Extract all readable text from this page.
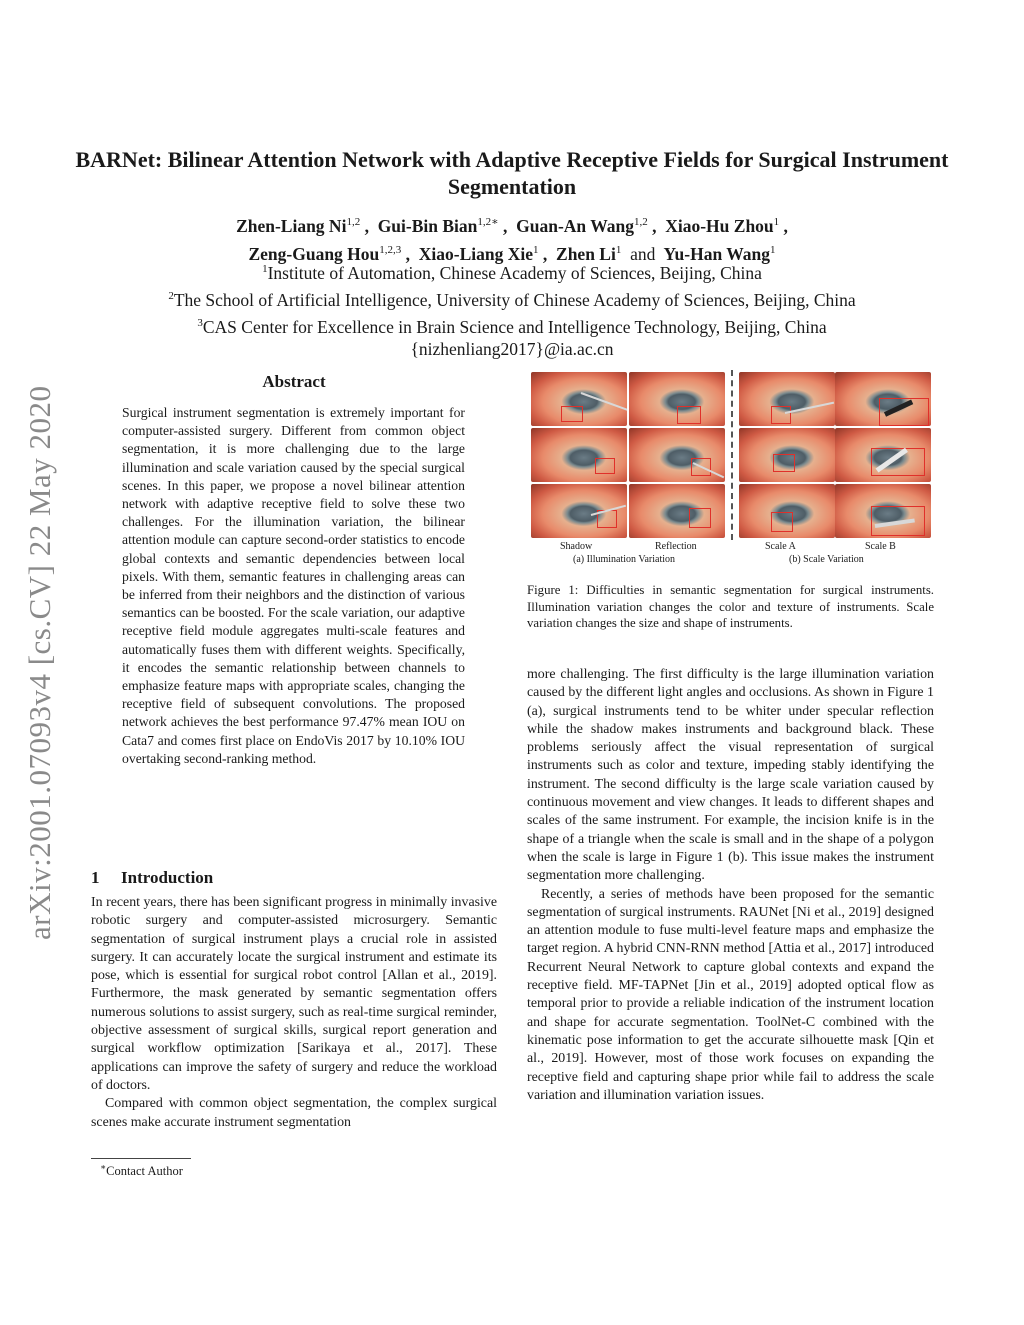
arXiv:2001.07093v4 [cs.CV] 22 May 2020
BARNet: Bilinear Attention Network with Adaptive Receptive Fields for Surgical Instrument Segmentation
Zhen-Liang Ni$^{1,2}$ ,  Gui-Bin Bian$^{1,2∗}$ ,  Guan-An Wang$^{1,2}$ ,  Xiao-Hu Zhou$^1$ ,
Zeng-Guang Hou$^{1,2,3}$ ,  Xiao-Liang Xie$^1$ ,  Zhen Li$^1$ and Yu-Han Wang$^1$
$^1$Institute of Automation, Chinese Academy of Sciences, Beijing, China
$^2$The School of Artificial Intelligence, University of Chinese Academy of Sciences, Beijing, China
$^3$CAS Center for Excellence in Brain Science and Intelligence Technology, Beijing, China
{nizhenliang2017}@ia.ac.cn
Abstract
Surgical instrument segmentation is extremely important for computer-assisted surgery. Different from common object segmentation, it is more challenging due to the large illumination and scale variation caused by the special surgical scenes. In this paper, we propose a novel bilinear attention network with adaptive receptive field to solve these two challenges. For the illumination variation, the bilinear attention module can capture second-order statistics to encode global contexts and semantic dependencies between local pixels. With them, semantic features in challenging areas can be inferred from their neighbors and the distinction of various semantics can be boosted. For the scale variation, our adaptive receptive field module aggregates multi-scale features and automatically fuses them with different weights. Specifically, it encodes the semantic relationship between channels to emphasize feature maps with appropriate scales, changing the receptive field of subsequent convolutions. The proposed network achieves the best performance 97.47% mean IOU on Cata7 and comes first place on EndoVis 2017 by 10.10% IOU overtaking second-ranking method.
1 Introduction

In recent years, there has been significant progress in minimally invasive robotic surgery and computer-assisted microsurgery. Semantic segmentation of surgical instrument plays a crucial role in assisted surgery. It can accurately locate the surgical instrument and estimate its pose, which is essential for surgical robot control [Allan et al., 2019]. Furthermore, the mask generated by semantic segmentation offers numerous solutions to assist surgery, such as real-time surgical reminder, objective assessment of surgical skills, surgical report generation and surgical workflow optimization [Sarikaya et al., 2017]. These applications can improve the safety of surgery and reduce the workload of doctors.

Compared with common object segmentation, the complex surgical scenes make accurate instrument segmentation

∗Contact Author
Shadow	Reflection	Scale A	Scale B
(a) Illumination Variation	(b) Scale Variation
Figure 1: Difficulties in semantic segmentation for surgical instruments. Illumination variation changes the color and texture of instruments. Scale variation changes the size and shape of instruments.

more challenging. The first difficulty is the large illumination variation caused by the different light angles and occlusions. As shown in Figure 1 (a), surgical instruments tend to be whiter under specular reflection while the shadow makes instruments and background black. These problems seriously affect the visual representation of surgical instruments such as color and texture, impeding stably identifying the instrument. The second difficulty is the large scale variation caused by continuous movement and view changes. It leads to different shapes and scales of the same instrument. For example, the incision knife is in the shape of a triangle when the scale is small and in the shape of a polygon when the scale is large in Figure 1 (b). This issue makes the instrument segmentation more challenging.

Recently, a series of methods have been proposed for the semantic segmentation of surgical instruments. RAUNet [Ni et al., 2019] designed an attention module to fuse multi-level feature maps and emphasize the target region. A hybrid CNN-RNN method [Attia et al., 2017] introduced Recurrent Neural Network to capture global contexts and expand the receptive field. MF-TAPNet [Jin et al., 2019] adopted optical flow as temporal prior to provide a reliable indication of the instrument location and shape for accurate segmentation. ToolNet-C combined with the kinematic pose information to get the accurate silhouette mask [Qin et al., 2019]. However, most of those work focuses on expanding the receptive field and capturing shape prior while fail to address the scale variation and illumination variation issues.
